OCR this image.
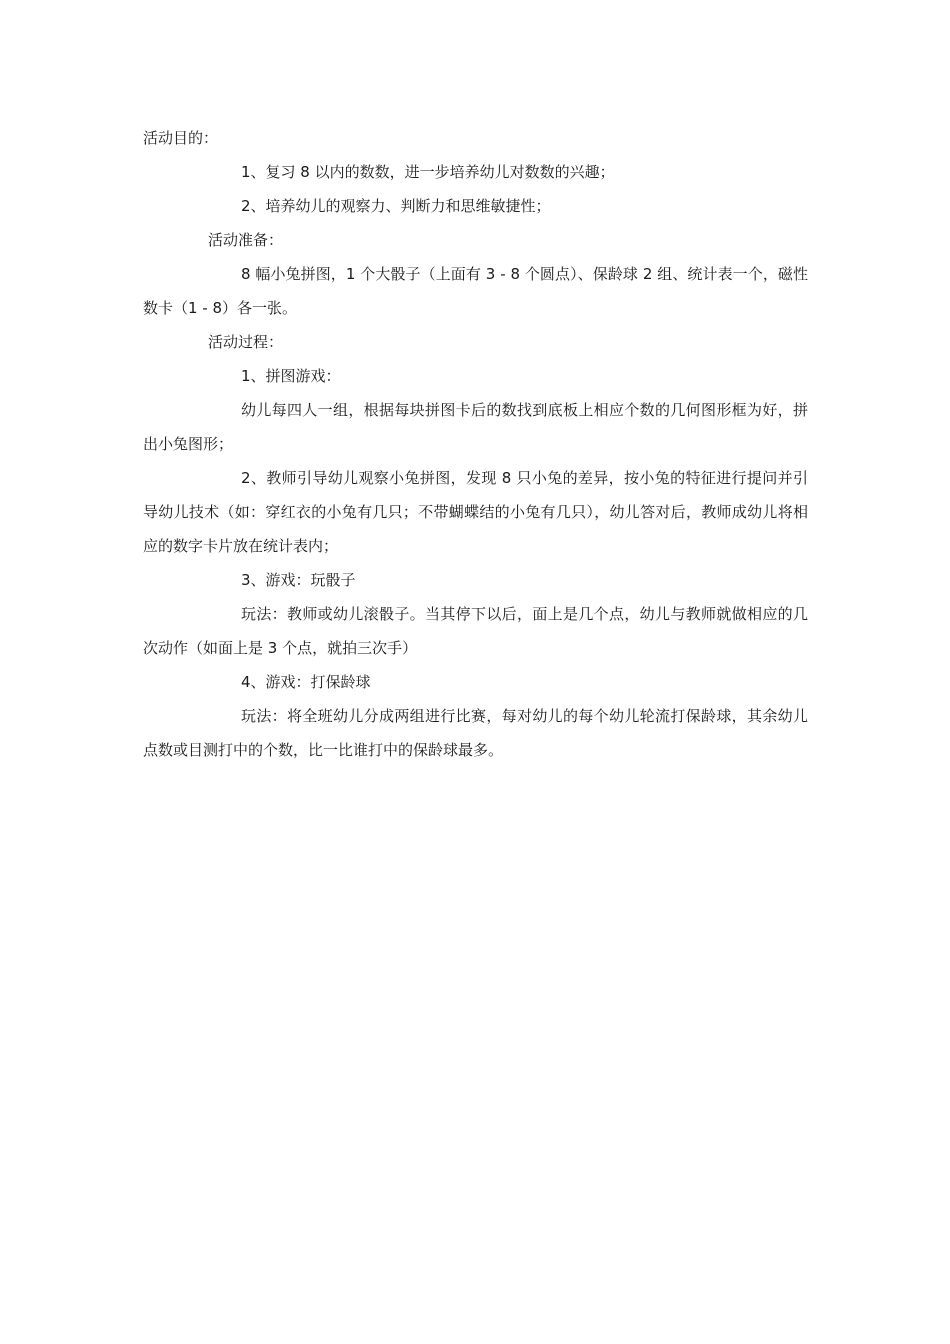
活动目的：

1、复习 8 以内的数数，进一步培养幼儿对数数的兴趣；

2、培养幼儿的观察力、判断力和思维敏捷性；

活动准备：

8 幅小兔拼图，1 个大骰子（上面有 3 - 8 个圆点）、保龄球 2 组、统计表一个，磁性数卡（1 - 8）各一张。

活动过程：

1、拼图游戏：

幼儿每四人一组，根据每块拼图卡后的数找到底板上相应个数的几何图形框为好，拼出小兔图形；

2、教师引导幼儿观察小兔拼图，发现 8 只小兔的差异，按小兔的特征进行提问并引导幼儿技术（如：穿红衣的小兔有几只；不带蝴蝶结的小兔有几只），幼儿答对后，教师成幼儿将相应的数字卡片放在统计表内；

3、游戏：玩骰子

玩法：教师或幼儿滚骰子。当其停下以后，面上是几个点，幼儿与教师就做相应的几次动作（如面上是 3 个点，就拍三次手）

4、游戏：打保龄球

玩法：将全班幼儿分成两组进行比赛，每对幼儿的每个幼儿轮流打保龄球，其余幼儿点数或目测打中的个数，比一比谁打中的保龄球最多。
